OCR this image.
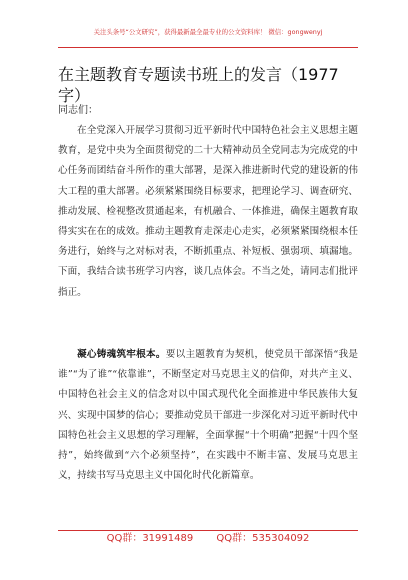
关注头条号“公文研究”，获得最新最全最专业的公文资料库！ 微信：gongwenyj
在主题教育专题读书班上的发言（1977字）
同志们：

在全党深入开展学习贯彻习近平新时代中国特色社会主义思想主题教育，是党中央为全面贯彻党的二十大精神动员全党同志为完成党的中心任务而团结奋斗所作的重大部署，是深入推进新时代党的建设新的伟大工程的重大部署。必须紧紧围绕目标要求，把理论学习、调查研究、推动发展、检视整改贯通起来，有机融合、一体推进，确保主题教育取得实实在在的成效。推动主题教育走深走心走实，必须紧紧围绕根本任务进行，始终与之对标对表，不断抓重点、补短板、强弱项、填漏地。下面，我结合读书班学习内容，谈几点体会。不当之处，请同志们批评指正。

凝心铸魂筑牢根本。要以主题教育为契机，使党员干部深悟“我是谁”“为了谁”“依靠谁”，不断坚定对马克思主义的信仰，对共产主义、中国特色社会主义的信念对以中国式现代化全面推进中华民族伟大复兴、实现中国梦的信心；要推动党员干部进一步深化对习近平新时代中国特色社会主义思想的学习理解，全面掌握“十个明确”把握“十四个坚持”，始终做到“六个必须坚持”，在实践中不断丰富、发展马克思主义，持续书写马克思主义中国化时代化新篇章。

QQ群：31991489 QQ群：535304092
